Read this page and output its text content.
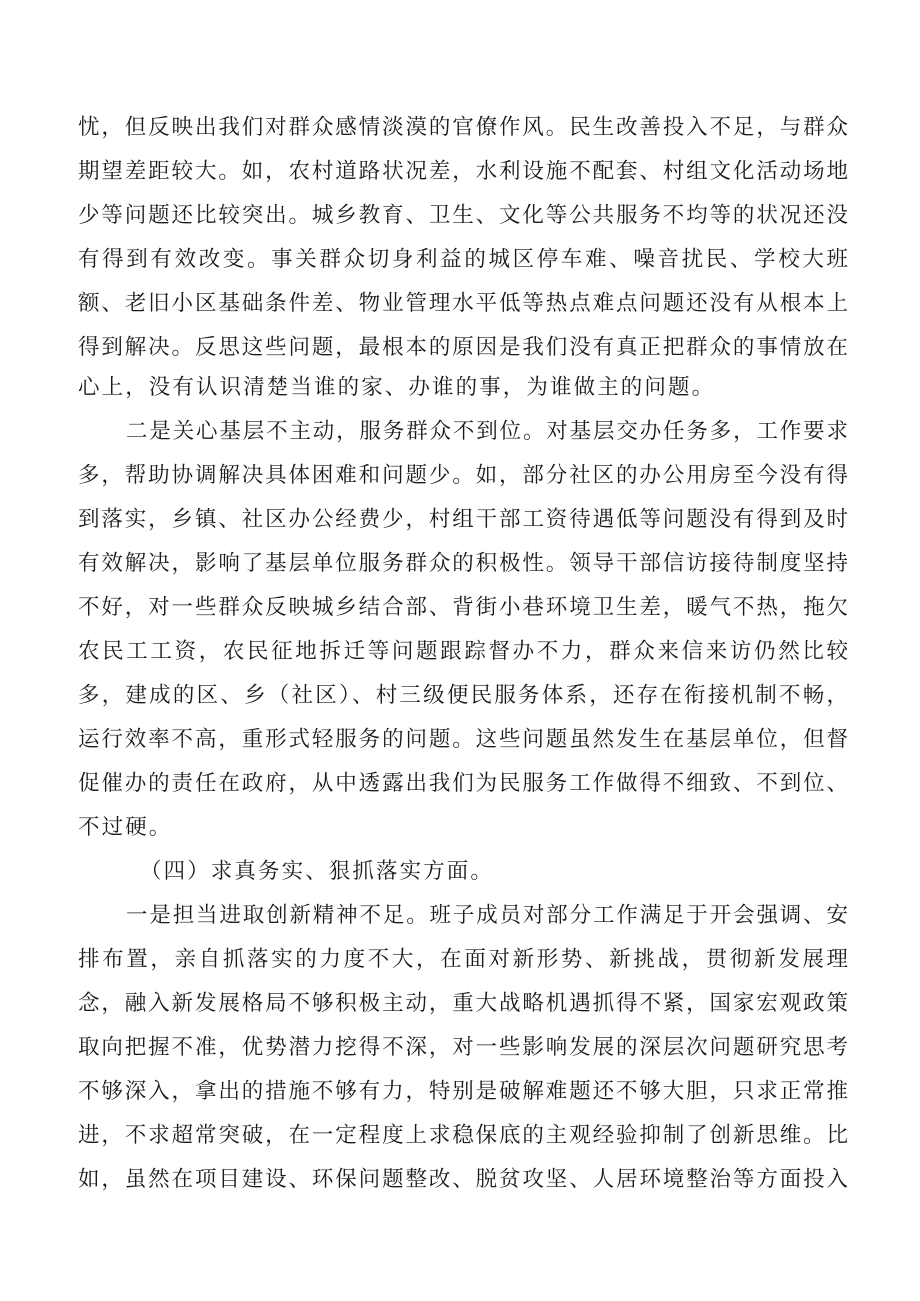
忧，但反映出我们对群众感情淡漠的官僚作风。民生改善投入不足，与群众
期望差距较大。如，农村道路状况差，水利设施不配套、村组文化活动场地
少等问题还比较突出。城乡教育、卫生、文化等公共服务不均等的状况还没
有得到有效改变。事关群众切身利益的城区停车难、噪音扰民、学校大班
额、老旧小区基础条件差、物业管理水平低等热点难点问题还没有从根本上
得到解决。反思这些问题，最根本的原因是我们没有真正把群众的事情放在
心上，没有认识清楚当谁的家、办谁的事，为谁做主的问题。
二是关心基层不主动，服务群众不到位。对基层交办任务多，工作要求
多，帮助协调解决具体困难和问题少。如，部分社区的办公用房至今没有得
到落实，乡镇、社区办公经费少，村组干部工资待遇低等问题没有得到及时
有效解决，影响了基层单位服务群众的积极性。领导干部信访接待制度坚持
不好，对一些群众反映城乡结合部、背街小巷环境卫生差，暖气不热，拖欠
农民工工资，农民征地拆迁等问题跟踪督办不力，群众来信来访仍然比较
多，建成的区、乡（社区）、村三级便民服务体系，还存在衔接机制不畅，
运行效率不高，重形式轻服务的问题。这些问题虽然发生在基层单位，但督
促催办的责任在政府，从中透露出我们为民服务工作做得不细致、不到位、
不过硬。
（四）求真务实、狠抓落实方面。
一是担当进取创新精神不足。班子成员对部分工作满足于开会强调、安
排布置，亲自抓落实的力度不大，在面对新形势、新挑战，贯彻新发展理
念，融入新发展格局不够积极主动，重大战略机遇抓得不紧，国家宏观政策
取向把握不准，优势潜力挖得不深，对一些影响发展的深层次问题研究思考
不够深入，拿出的措施不够有力，特别是破解难题还不够大胆，只求正常推
进，不求超常突破，在一定程度上求稳保底的主观经验抑制了创新思维。比
如，虽然在项目建设、环保问题整改、脱贫攻坚、人居环境整治等方面投入
